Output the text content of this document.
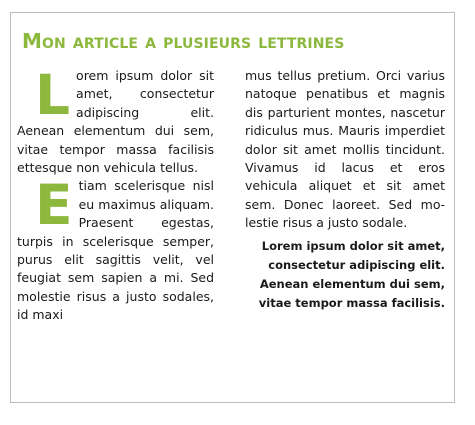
Mon article a plusieurs lettrines

Lorem ipsum dolor sit amet, consectetur adipiscing elit. Aenean elementum dui sem, vitae tempor massa facilisis ettesque non vehicula tellus.

Etiam scelerisque nisl eu maximus aliquam. Praesent egestas, turpis in scelerisque semper, purus elit sagittis velit, vel feugiat sem sapien a mi. Sed molestie risus a justo sodales, id maxi

mus tellus pretium. Orci varius natoque penatibus et magnis dis parturient montes, nascetur ridiculus mus. Mauris imperdiet dolor sit amet mollis tincidunt. Vivamus id lacus et eros vehicula aliquet et sit amet sem. Donec laoreet. Sed molestie risus a justo sodale.

Lorem ipsum dolor sit amet, consectetur adipiscing elit. Aenean elementum dui sem, vitae tempor massa facilisis.
